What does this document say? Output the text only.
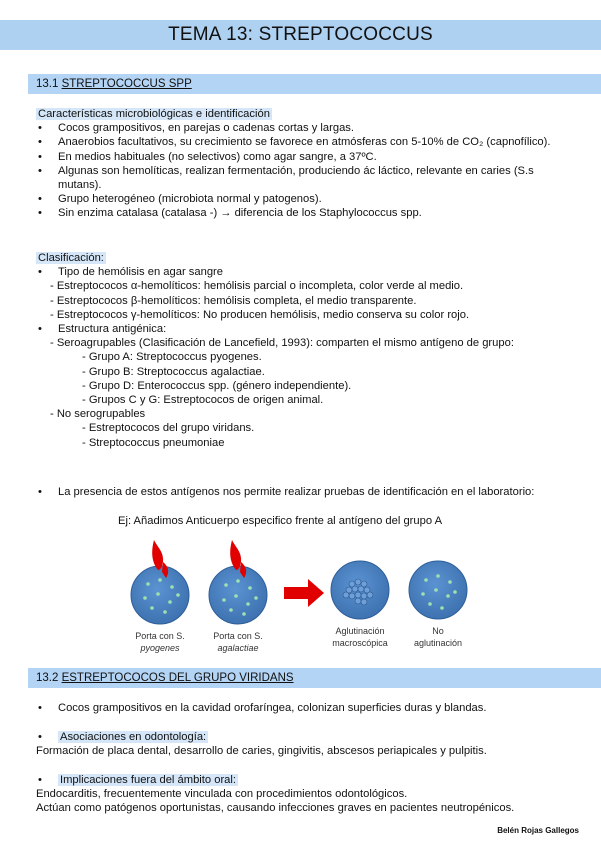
TEMA 13: STREPTOCOCCUS
13.1 STREPTOCOCCUS SPP
Características microbiológicas e identificación
• Cocos grampositivos, en parejas o cadenas cortas y largas.
• Anaerobios facultativos, su crecimiento se favorece en atmósferas con 5-10% de CO₂ (capnofílico).
• En medios habituales (no selectivos) como agar sangre, a 37ºC.
• Algunas son hemolíticas, realizan fermentación, produciendo ác láctico, relevante en caries (S.s mutans).
• Grupo heterogéneo (microbiota normal y patogenos).
• Sin enzima catalasa (catalasa -) → diferencia de los Staphylococcus spp.
Clasificación:
• Tipo de hemólisis en agar sangre
- Estreptococos α-hemolíticos: hemólisis parcial o incompleta, color verde al medio.
- Estreptococos β-hemolíticos: hemólisis completa, el medio transparente.
- Estreptococos γ-hemolíticos: No producen hemólisis, medio conserva su color rojo.
• Estructura antigénica:
- Seroagrupables (Clasificación de Lancefield, 1993): comparten el mismo antígeno de grupo:
- Grupo A: Streptococcus pyogenes.
- Grupo B: Streptococcus agalactiae.
- Grupo D: Enterococcus spp. (género independiente).
- Grupos C y G: Estreptococos de origen animal.
- No serogrupables
- Estreptococos del grupo viridans.
- Streptococcus pneumoniae
• La presencia de estos antígenos nos permite realizar pruebas de identificación en el laboratorio:
Ej: Añadimos Anticuerpo especifico frente al antígeno del grupo A
Porta con S.
pyogenes
Porta con S.
agalactiae
Aglutinación
macroscópica
No
aglutinación
13.2 ESTREPTOCOCOS DEL GRUPO VIRIDANS
• Cocos grampositivos en la cavidad orofaríngea, colonizan superficies duras y blandas.
• Asociaciones en odontología:
Formación de placa dental, desarrollo de caries, gingivitis, abscesos periapicales y pulpitis.
• Implicaciones fuera del ámbito oral:
Endocarditis, frecuentemente vinculada con procedimientos odontológicos.
Actúan como patógenos oportunistas, causando infecciones graves en pacientes neutropénicos.
Belén Rojas Gallegos
